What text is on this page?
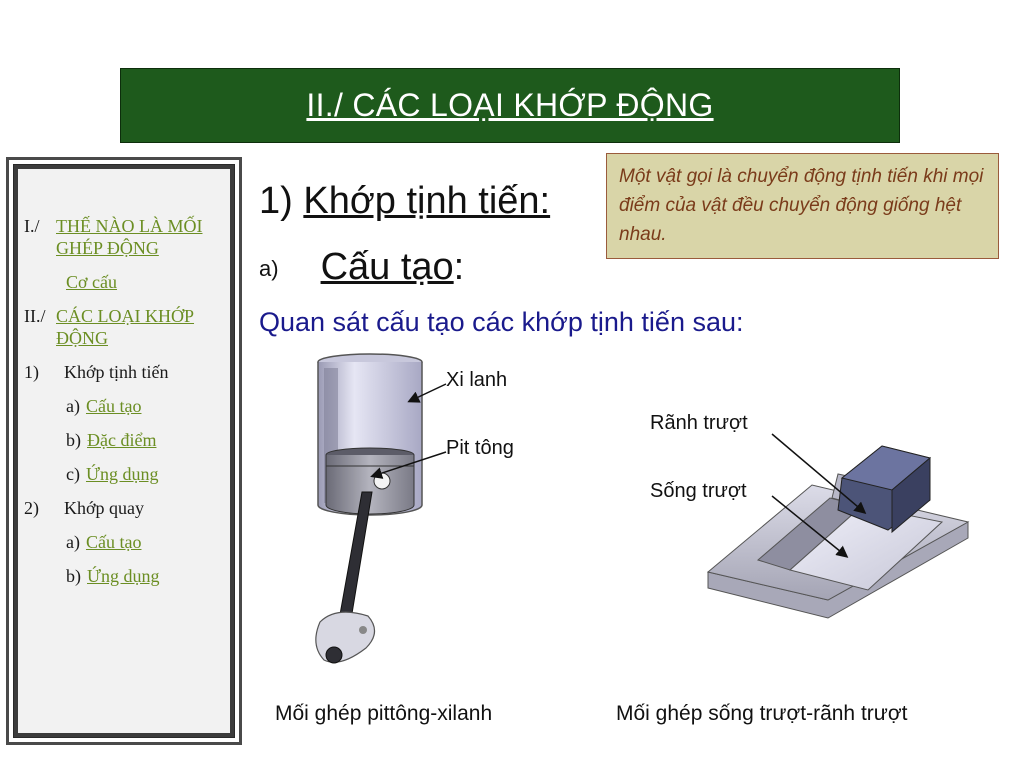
II./ CÁC LOẠI KHỚP ĐỘNG
I./ THẾ NÀO LÀ MỐI GHÉP ĐỘNG
Cơ cấu
II./ CÁC LOẠI KHỚP ĐỘNG
1)	Khớp tịnh tiến
a) Cấu tạo
b) Đặc điểm
c) Ứng dụng
2)	Khớp quay
a) Cấu tạo
b) Ứng dụng
Một vật gọi là chuyển động tịnh tiến khi mọi điểm của vật đều chuyển động giống hệt nhau.
1) Khớp tịnh tiến:
a) Cấu tạo:
Quan sát cấu tạo các khớp tịnh tiến sau:
Xi lanh
Pit tông
Rãnh trượt
Sống trượt
Mối ghép pittông-xilanh	Mối ghép sống trượt-rãnh trượt
